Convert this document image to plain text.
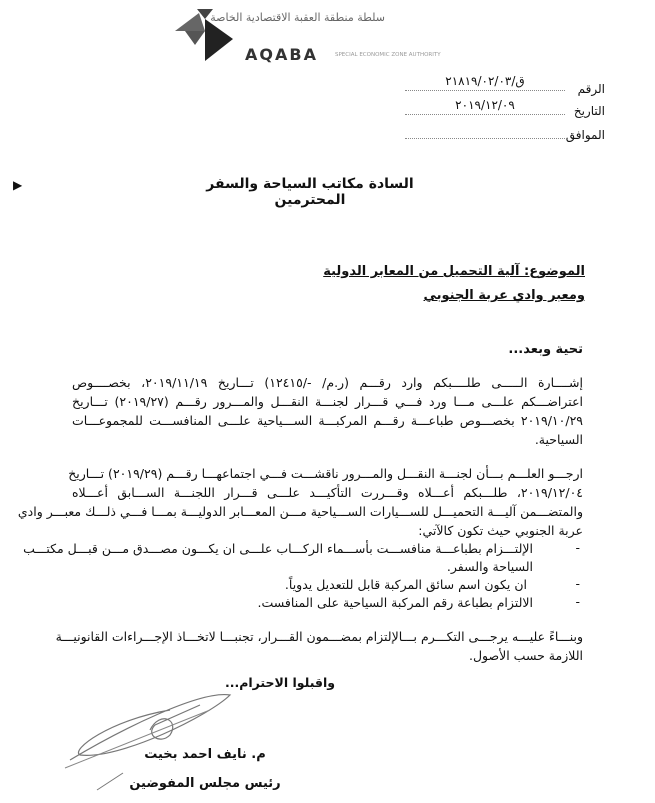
سلطة منطقة العقبة الاقتصادية الخاصة
AQABA	SPECIAL ECONOMIC ZONE AUTHORITY
الرقم
ق/٢١٨١٩/٠٢/٠٣
التاريخ
٢٠١٩/١٢/٠٩
الموافق
▶	السادة مكاتب السياحة والسفر المحترمين
الموضوع: آلية التحميل من المعابر الدولية
ومعبر وادي عربة الجنوبي
تحية وبعد...
إشــــارة الـــــى طلــــبكم وارد رقـــم (ر.م/ -/١٢٤١٥) تـــاريخ ٢٠١٩/١١/١٩، بخصــــوص
اعتراضـــكم علـــى مـــا ورد فـــي قـــرار لجنـــة النقـــل والمـــرور رقـــم (٢٠١٩/٢٧) تـــاريخ
٢٠١٩/١٠/٢٩ بخصـــوص طباعـــة رقـــم المركبـــة الســـياحية علـــى المنافســـت للمجموعـــات
السياحية.
ارجـــو العلـــم بـــأن لجنـــة النقـــل والمـــرور ناقشـــت فـــي اجتماعهـــا رقـــم (٢٠١٩/٢٩) تـــاريخ
٢٠١٩/١٢/٠٤، طلـــبكم أعـــلاه وقـــررت التأكيـــد علـــى قـــرار اللجنـــة الســـابق أعـــلاه
والمتضـــمن آليـــة التحميـــل للســـيارات الســـياحية مـــن المعـــابر الدوليـــة بمـــا فـــي ذلـــك معبـــر وادي
عربة الجنوبي حيث تكون كالآتي:
-
الإلتـــزام بطباعـــة منافســـت بأســـماء الركـــاب علـــى ان يكـــون مصـــدق مـــن قبـــل مكتـــب
السياحة والسفر.
-
ان يكون اسم سائق المركبة قابل للتعديل يدوياً.
-
الالتزام بطباعة رقم المركبة السياحية على المنافست.
وبنـــاءً عليـــه يرجـــى التكـــرم بـــالإلتزام بمضـــمون القـــرار، تجنبـــا لاتخـــاذ الإجـــراءات القانونيـــة
اللازمة حسب الأصول.
واقبلوا الاحترام...
م. نايف احمد بخيت
رئيس مجلس المفوضين
